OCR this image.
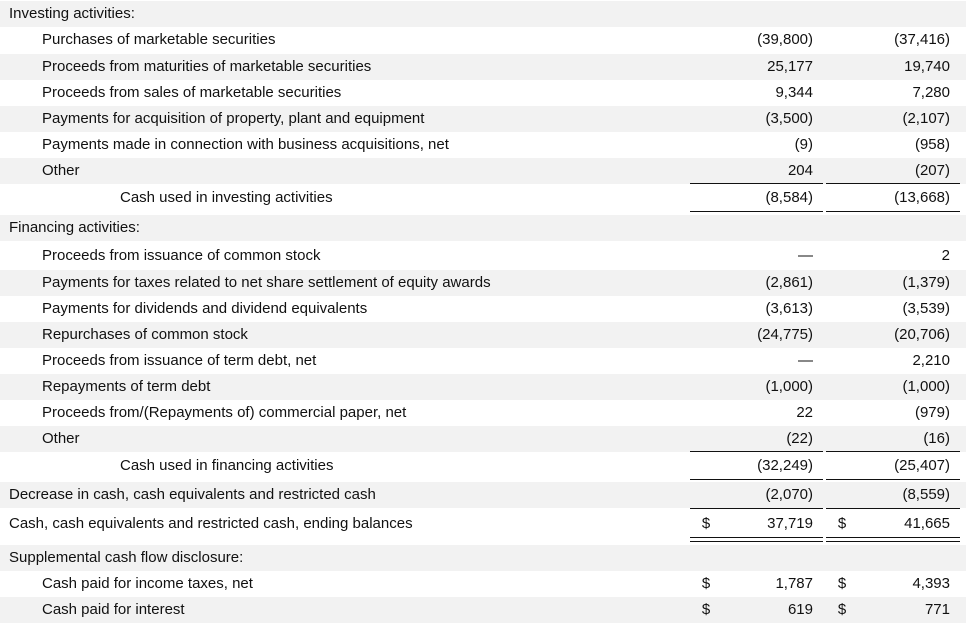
Investing activities:
Purchases of marketable securities	(39,800)	(37,416)
Proceeds from maturities of marketable securities	25,177	19,740
Proceeds from sales of marketable securities	9,344	7,280
Payments for acquisition of property, plant and equipment	(3,500)	(2,107)
Payments made in connection with business acquisitions, net	(9)	(958)
Other	204	(207)
Cash used in investing activities	(8,584)	(13,668)
Financing activities:
Proceeds from issuance of common stock	—	2
Payments for taxes related to net share settlement of equity awards	(2,861)	(1,379)
Payments for dividends and dividend equivalents	(3,613)	(3,539)
Repurchases of common stock	(24,775)	(20,706)
Proceeds from issuance of term debt, net	—	2,210
Repayments of term debt	(1,000)	(1,000)
Proceeds from/(Repayments of) commercial paper, net	22	(979)
Other	(22)	(16)
Cash used in financing activities	(32,249)	(25,407)
Decrease in cash, cash equivalents and restricted cash	(2,070)	(8,559)
Cash, cash equivalents and restricted cash, ending balances	$	37,719	$	41,665
Supplemental cash flow disclosure:
Cash paid for income taxes, net	$	1,787	$	4,393
Cash paid for interest	$	619	$	771
